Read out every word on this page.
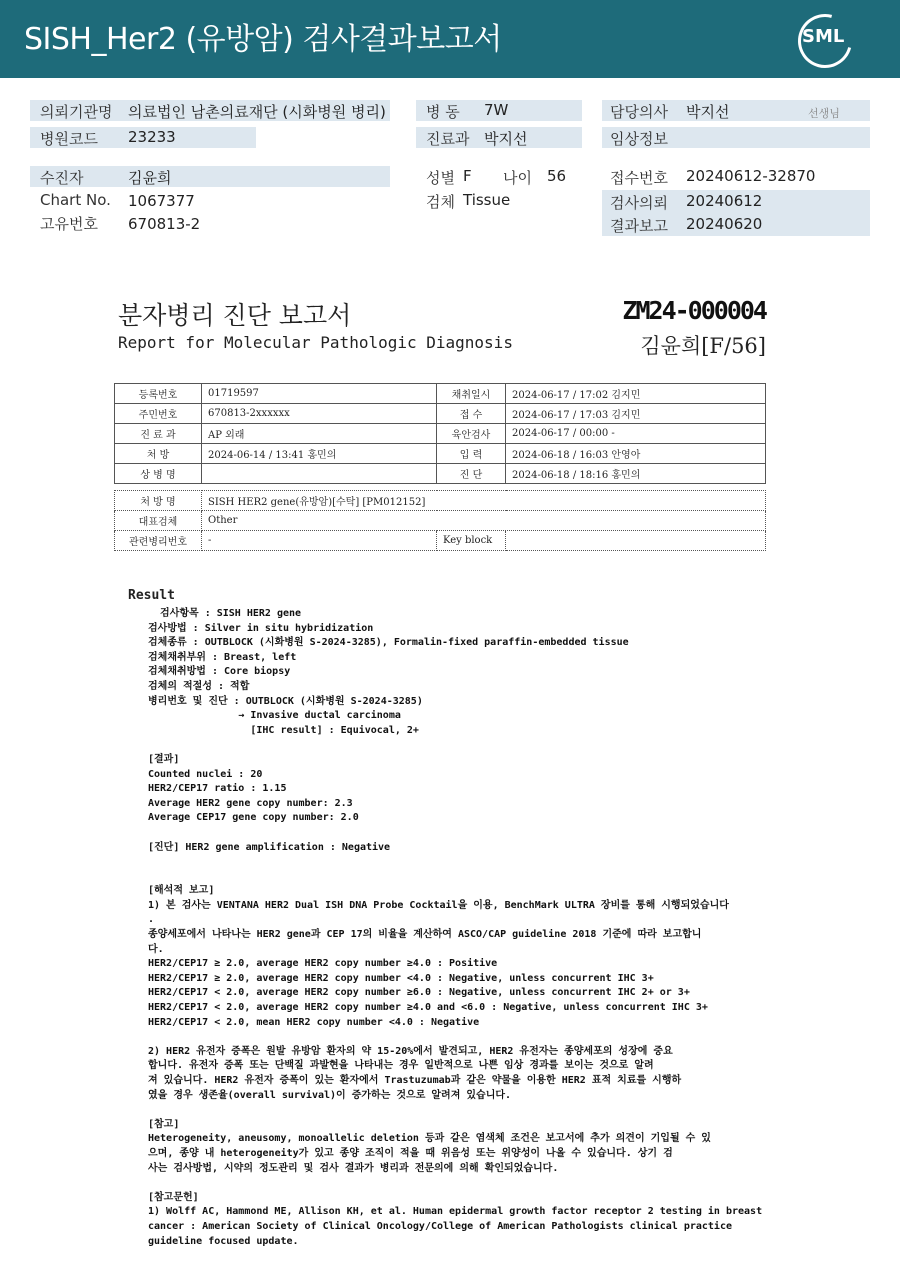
SISH_Her2 (유방암) 검사결과보고서	SML
의뢰기관명 의료법인 남촌의료재단 (시화병원 병리)	병 동 7W	담당의사 박지선	선생님
병원코드 23233	진료과 박지선	임상정보
수진자	김윤희	성별 F 나이 56	접수번호 20240612-32870
Chart No. 1067377	검체 Tissue	검사의뢰 20240612
고유번호 670813-2	결과보고 20240620
분자병리 진단 보고서
Report for Molecular Pathologic Diagnosis
ZM24-000004
김윤희[F/56]
등록번호	01719597	채취일시	2024-06-17 / 17:02 김지민
주민번호	670813-2xxxxxx	접 수	2024-06-17 / 17:03 김지민
진 료 과	AP 외래	육안검사	2024-06-17 / 00:00 -
처 방	2024-06-14 / 13:41 홍민의	입 력	2024-06-18 / 16:03 안영아
상 병 명		진 단	2024-06-18 / 18:16 홍민의
처 방 명	SISH HER2 gene(유방암)[수탁] [PM012152]		
대표검체	Other		
관련병리번호	-	Key block	
Result
검사항목 : SISH HER2 gene
검사방법 : Silver in situ hybridization
검체종류 : OUTBLOCK (시화병원 S-2024-3285), Formalin-fixed paraffin-embedded tissue
검체채취부위 : Breast, left
검체채취방법 : Core biopsy
검체의 적절성 : 적합
병리번호 및 진단 : OUTBLOCK (시화병원 S-2024-3285)
→ Invasive ductal carcinoma
[IHC result] : Equivocal, 2+

[결과]
Counted nuclei : 20
HER2/CEP17 ratio : 1.15
Average HER2 gene copy number: 2.3
Average CEP17 gene copy number: 2.0

[진단] HER2 gene amplification : Negative

[해석적 보고]
1) 본 검사는 VENTANA HER2 Dual ISH DNA Probe Cocktail을 이용, BenchMark ULTRA 장비를 통해 시행되었습니다
.
종양세포에서 나타나는 HER2 gene과 CEP 17의 비율을 계산하여 ASCO/CAP guideline 2018 기준에 따라 보고합니
다.
HER2/CEP17 ≥ 2.0, average HER2 copy number ≥4.0 : Positive
HER2/CEP17 ≥ 2.0, average HER2 copy number <4.0 : Negative, unless concurrent IHC 3+
HER2/CEP17 < 2.0, average HER2 copy number ≥6.0 : Negative, unless concurrent IHC 2+ or 3+
HER2/CEP17 < 2.0, average HER2 copy number ≥4.0 and <6.0 : Negative, unless concurrent IHC 3+
HER2/CEP17 < 2.0, mean HER2 copy number <4.0 : Negative

2) HER2 유전자 증폭은 원발 유방암 환자의 약 15-20%에서 발견되고, HER2 유전자는 종양세포의 성장에 중요
합니다. 유전자 증폭 또는 단백질 과발현을 나타내는 경우 일반적으로 나쁜 임상 경과를 보이는 것으로 알려
져 있습니다. HER2 유전자 증폭이 있는 환자에서 Trastuzumab과 같은 약물을 이용한 HER2 표적 치료를 시행하
였을 경우 생존율(overall survival)이 증가하는 것으로 알려져 있습니다.

[참고]
Heterogeneity, aneusomy, monoallelic deletion 등과 같은 염색체 조건은 보고서에 추가 의견이 기입될 수 있
으며, 종양 내 heterogeneity가 있고 종양 조직이 적을 때 위음성 또는 위양성이 나올 수 있습니다. 상기 검
사는 검사방법, 시약의 정도관리 및 검사 결과가 병리과 전문의에 의해 확인되었습니다.

[참고문헌]
1) Wolff AC, Hammond ME, Allison KH, et al. Human epidermal growth factor receptor 2 testing in breast
cancer : American Society of Clinical Oncology/College of American Pathologists clinical practice
guideline focused update.
